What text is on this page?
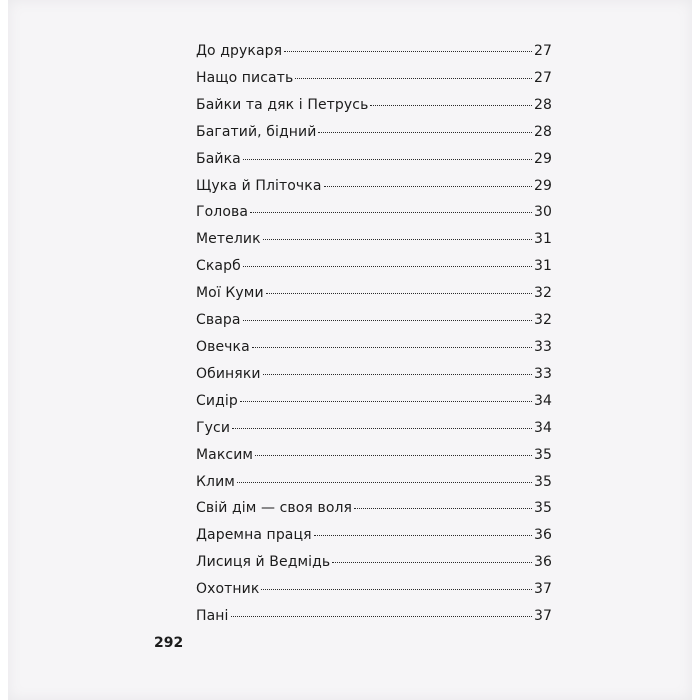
До друкаря	27
Нащо писать	27
Байки та дяк і Петрусь	28
Багатий, бідний	28
Байка	29
Щука й Пліточка	29
Голова	30
Метелик	31
Скарб	31
Мої Куми	32
Свара	32
Овечка	33
Обиняки	33
Сидір	34
Гуси	34
Максим	35
Клим	35
Свій дім — своя воля	35
Даремна праця	36
Лисиця й Ведмідь	36
Охотник	37
Пані	37
292
